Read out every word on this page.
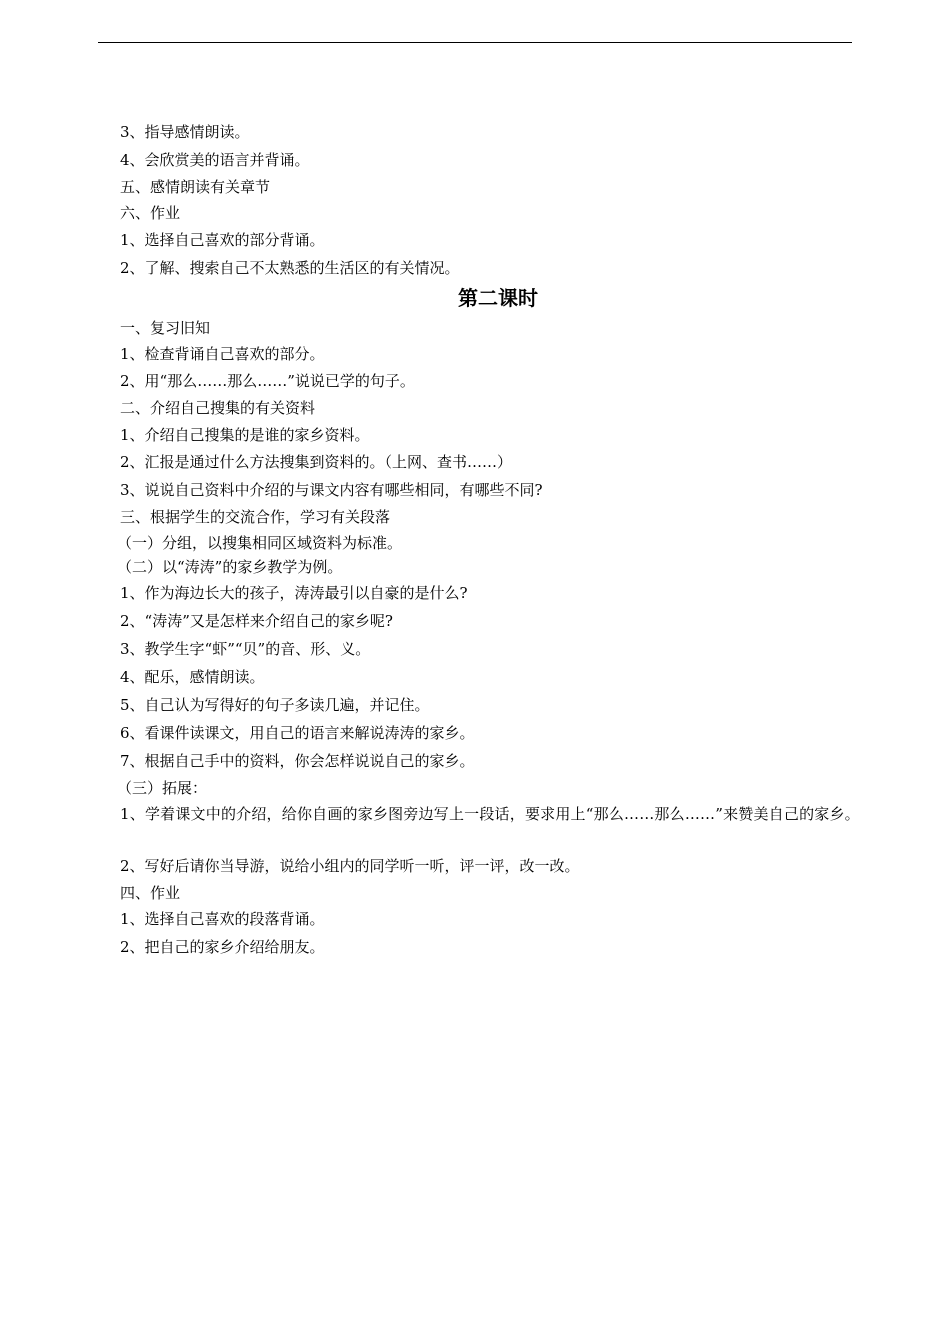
3、指导感情朗读。
4、会欣赏美的语言并背诵。
五、感情朗读有关章节
六、作业
1、选择自己喜欢的部分背诵。
2、了解、搜索自己不太熟悉的生活区的有关情况。
第二课时
一、复习旧知
1、检查背诵自己喜欢的部分。
2、用“那么……那么……”说说已学的句子。
二、介绍自己搜集的有关资料
1、介绍自己搜集的是谁的家乡资料。
2、汇报是通过什么方法搜集到资料的。（上网、查书……）
3、说说自己资料中介绍的与课文内容有哪些相同，有哪些不同?
三、根据学生的交流合作，学习有关段落
（一）分组，以搜集相同区域资料为标准。
（二）以“涛涛”的家乡教学为例。
1、作为海边长大的孩子，涛涛最引以自豪的是什么?
2、“涛涛”又是怎样来介绍自己的家乡呢?
3、教学生字“虾”“贝”的音、形、义。
4、配乐，感情朗读。
5、自己认为写得好的句子多读几遍，并记住。
6、看课件读课文，用自己的语言来解说涛涛的家乡。
7、根据自己手中的资料，你会怎样说说自己的家乡。
（三）拓展：
1、学着课文中的介绍，给你自画的家乡图旁边写上一段话，要求用上“那么……那么……”来赞美自己的家乡。
2、写好后请你当导游，说给小组内的同学听一听，评一评，改一改。
四、作业
1、选择自己喜欢的段落背诵。
2、把自己的家乡介绍给朋友。
